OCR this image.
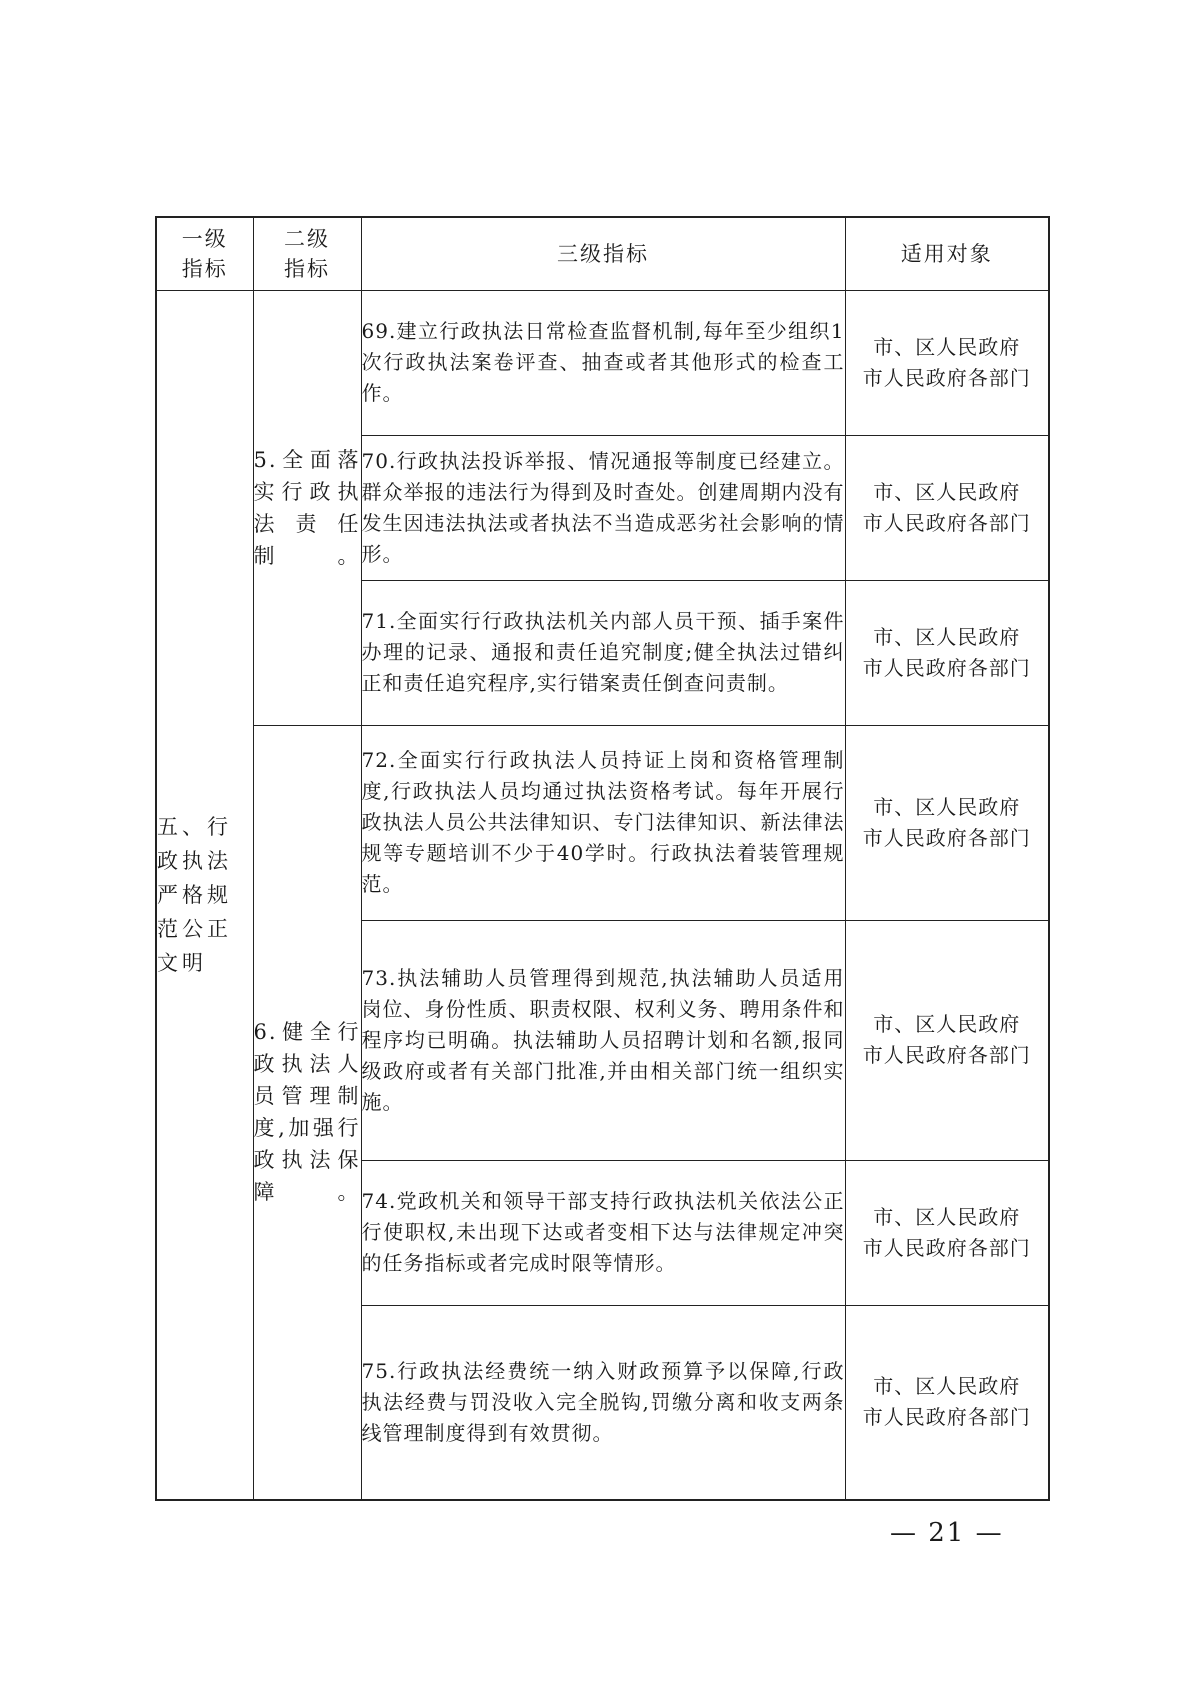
一级指标	二级指标	三级指标	适用对象
五、行政执法严格规范公正文明	5.全面落实行政执法责任制。	69.建立行政执法日常检查监督机制,每年至少组织1次行政执法案卷评查、抽查或者其他形式的检查工作。	市、区人民政府
市人民政府各部门

		70.行政执法投诉举报、情况通报等制度已经建立。群众举报的违法行为得到及时查处。创建周期内没有发生因违法执法或者执法不当造成恶劣社会影响的情形。	市、区人民政府
市人民政府各部门

		71.全面实行行政执法机关内部人员干预、插手案件办理的记录、通报和责任追究制度;健全执法过错纠正和责任追究程序,实行错案责任倒查问责制。	市、区人民政府
市人民政府各部门

	6.健全行政执法人员管理制度,加强行政执法保障。	72.全面实行行政执法人员持证上岗和资格管理制度,行政执法人员均通过执法资格考试。每年开展行政执法人员公共法律知识、专门法律知识、新法律法规等专题培训不少于40学时。行政执法着装管理规范。	市、区人民政府
市人民政府各部门

		73.执法辅助人员管理得到规范,执法辅助人员适用岗位、身份性质、职责权限、权利义务、聘用条件和程序均已明确。执法辅助人员招聘计划和名额,报同级政府或者有关部门批准,并由相关部门统一组织实施。	市、区人民政府
市人民政府各部门

		74.党政机关和领导干部支持行政执法机关依法公正行使职权,未出现下达或者变相下达与法律规定冲突的任务指标或者完成时限等情形。	市、区人民政府
市人民政府各部门

		75.行政执法经费统一纳入财政预算予以保障,行政执法经费与罚没收入完全脱钩,罚缴分离和收支两条线管理制度得到有效贯彻。	市、区人民政府
市人民政府各部门
— 21 —
